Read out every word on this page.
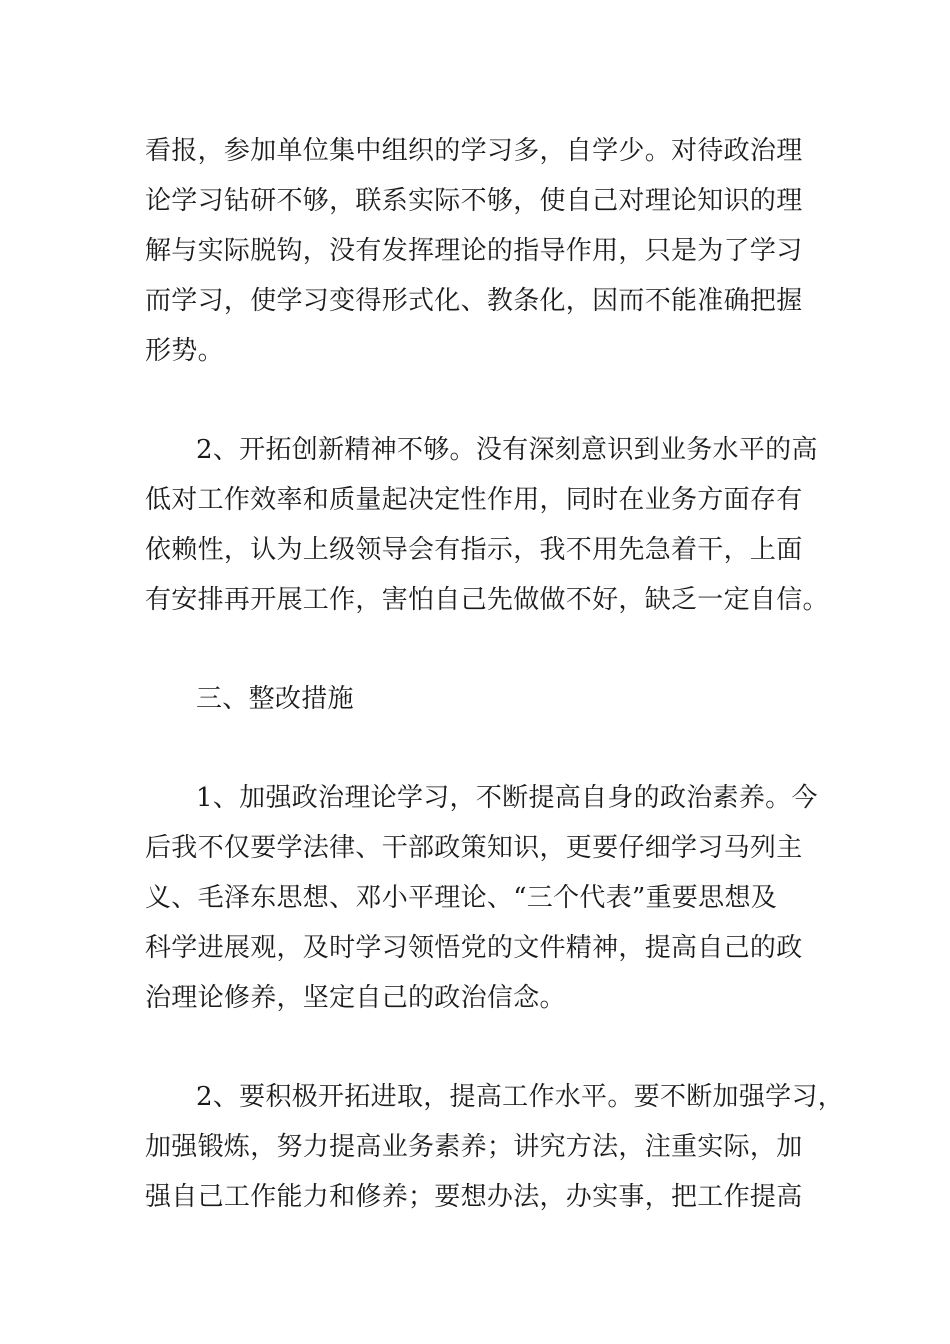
看报，参加单位集中组织的学习多，自学少。对待政治理
论学习钻研不够，联系实际不够，使自己对理论知识的理
解与实际脱钩，没有发挥理论的指导作用，只是为了学习
而学习，使学习变得形式化、教条化，因而不能准确把握
形势。
2、开拓创新精神不够。没有深刻意识到业务水平的高
低对工作效率和质量起决定性作用，同时在业务方面存有
依赖性，认为上级领导会有指示，我不用先急着干，上面
有安排再开展工作，害怕自己先做做不好，缺乏一定自信。
三、整改措施
1、加强政治理论学习，不断提高自身的政治素养。今
后我不仅要学法律、干部政策知识，更要仔细学习马列主
义、毛泽东思想、邓小平理论、“三个代表”重要思想及
科学进展观，及时学习领悟党的文件精神，提高自己的政
治理论修养，坚定自己的政治信念。
2、要积极开拓进取，提高工作水平。要不断加强学习，
加强锻炼，努力提高业务素养；讲究方法，注重实际，加
强自己工作能力和修养；要想办法，办实事，把工作提高
